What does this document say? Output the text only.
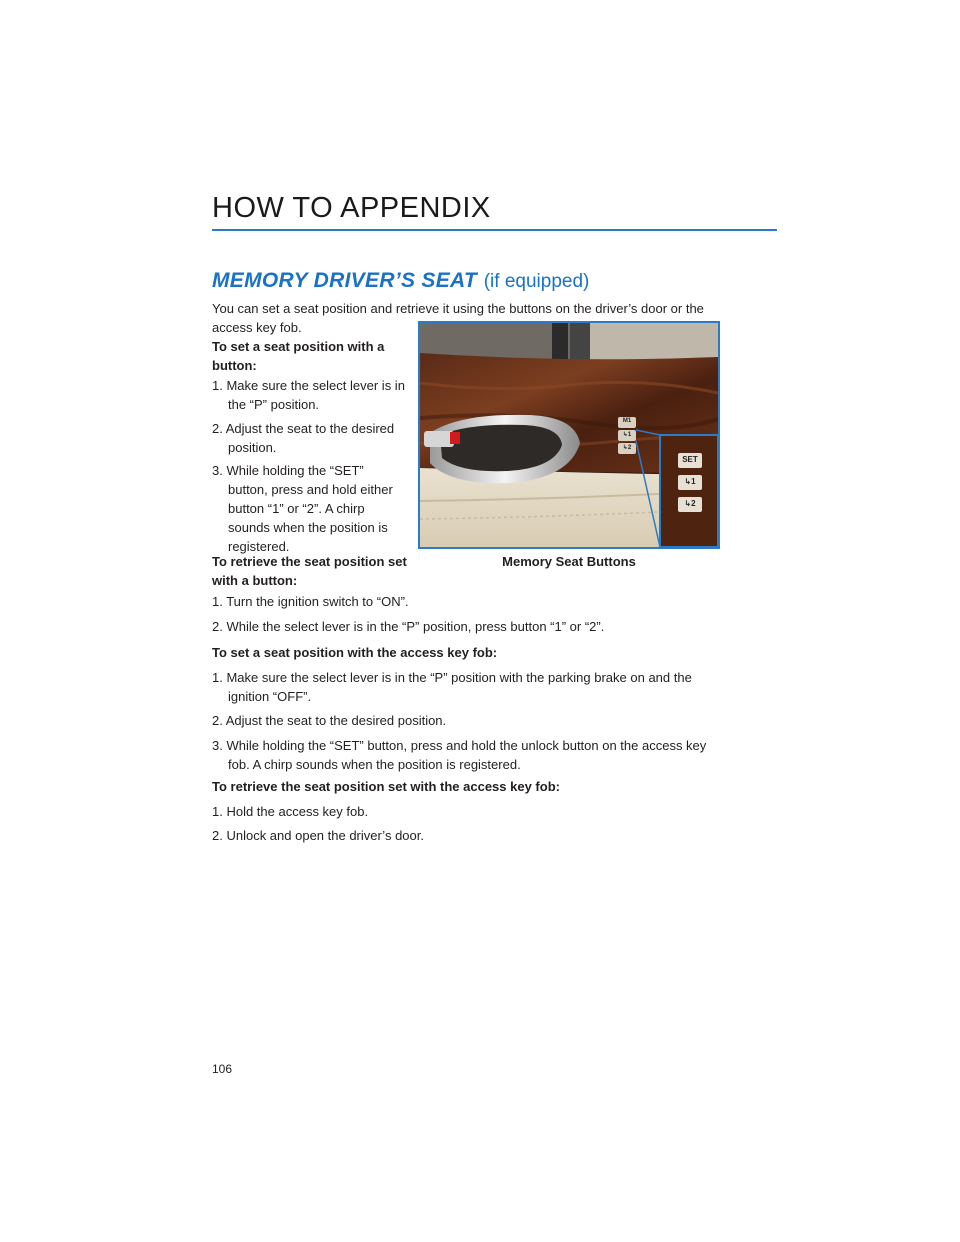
HOW TO APPENDIX
MEMORY DRIVER’S SEAT (if equipped)

You can set a seat position and retrieve it using the buttons on the driver’s door or the

access key fob.

To set a seat position with a

button:

1. Make sure the select lever is in

the “P” position.

2. Adjust the seat to the desired

position.

3. While holding the “SET”

button, press and hold either

button “1” or “2”. A chirp

sounds when the position is

registered.

To retrieve the seat position set

with a button:

1. Turn the ignition switch to “ON”.

2. While the select lever is in the “P” position, press button “1” or “2”.

To set a seat position with the access key fob:

1. Make sure the select lever is in the “P” position with the parking brake on and the

ignition “OFF”.

2. Adjust the seat to the desired position.

3. While holding the “SET” button, press and hold the unlock button on the access key

fob. A chirp sounds when the position is registered.

To retrieve the seat position set with the access key fob:

1. Hold the access key fob.

2. Unlock and open the driver’s door.

M1
↳1
↳2
SET
↳1
↳2
Memory Seat Buttons
106
